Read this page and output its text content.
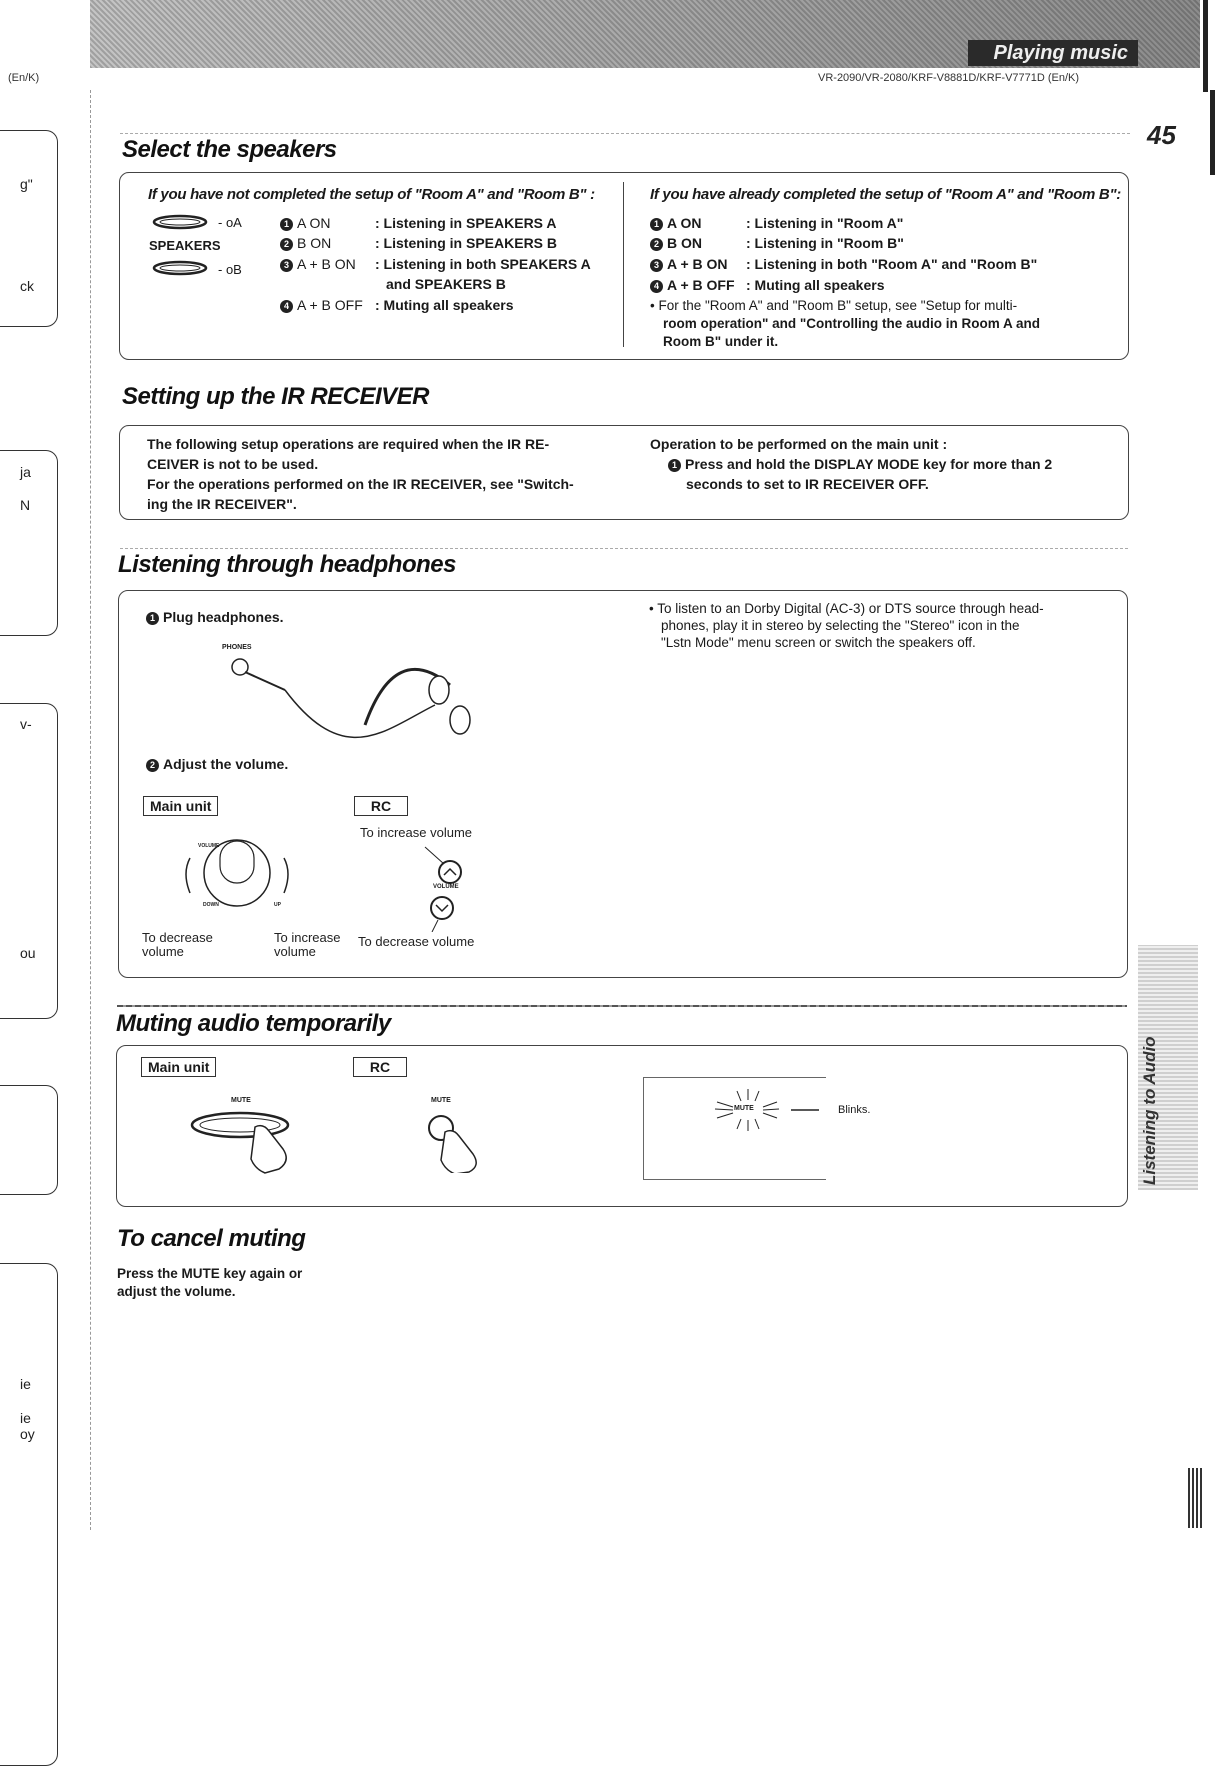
Playing music
(En/K)	VR-2090/VR-2080/KRF-V8881D/KRF-V7771D (En/K)
45
g"
ck
ja
N
v-
ou
ie
ie
oy
Listening to Audio
Select the speakers
If you have not completed the setup of "Room A" and "Room B" :
- oA
SPEAKERS
- oB
1 A ON	: Listening in SPEAKERS A
2 B ON	: Listening in SPEAKERS B
3 A + B ON : Listening in both SPEAKERS A
and SPEAKERS B
4 A + B OFF : Muting all speakers
If you have already completed the setup of "Room A" and "Room B":
1 A ON	: Listening in "Room A"
2 B ON	: Listening in "Room B"
3 A + B ON : Listening in both "Room A" and "Room B"
4 A + B OFF : Muting all speakers
• For the "Room A" and "Room B" setup, see "Setup for multi-
room operation" and "Controlling the audio in Room A and
Room B" under it.
Setting up the IR RECEIVER
The following setup operations are required when the IR RE-
CEIVER is not to be used.
For the operations performed on the IR RECEIVER, see "Switch-
ing the IR RECEIVER".
Operation to be performed on the main unit :
1 Press and hold the DISPLAY MODE key for more than 2
seconds to set to IR RECEIVER OFF.
Listening through headphones
1 Plug headphones.
PHONES
2 Adjust the volume.
Main unit	RC
VOLUME
DOWN	UP
To decrease
volume
To increase
volume
To increase volume
VOLUME
To decrease volume
• To listen to an Dorby Digital (AC-3) or DTS source through head-
phones, play it in stereo by selecting the "Stereo" icon in the
"Lstn Mode" menu screen or switch the speakers off.
Muting audio temporarily
Main unit	RC
MUTE	MUTE
MUTE	Blinks.
To cancel muting
Press the MUTE key again or
adjust the volume.
